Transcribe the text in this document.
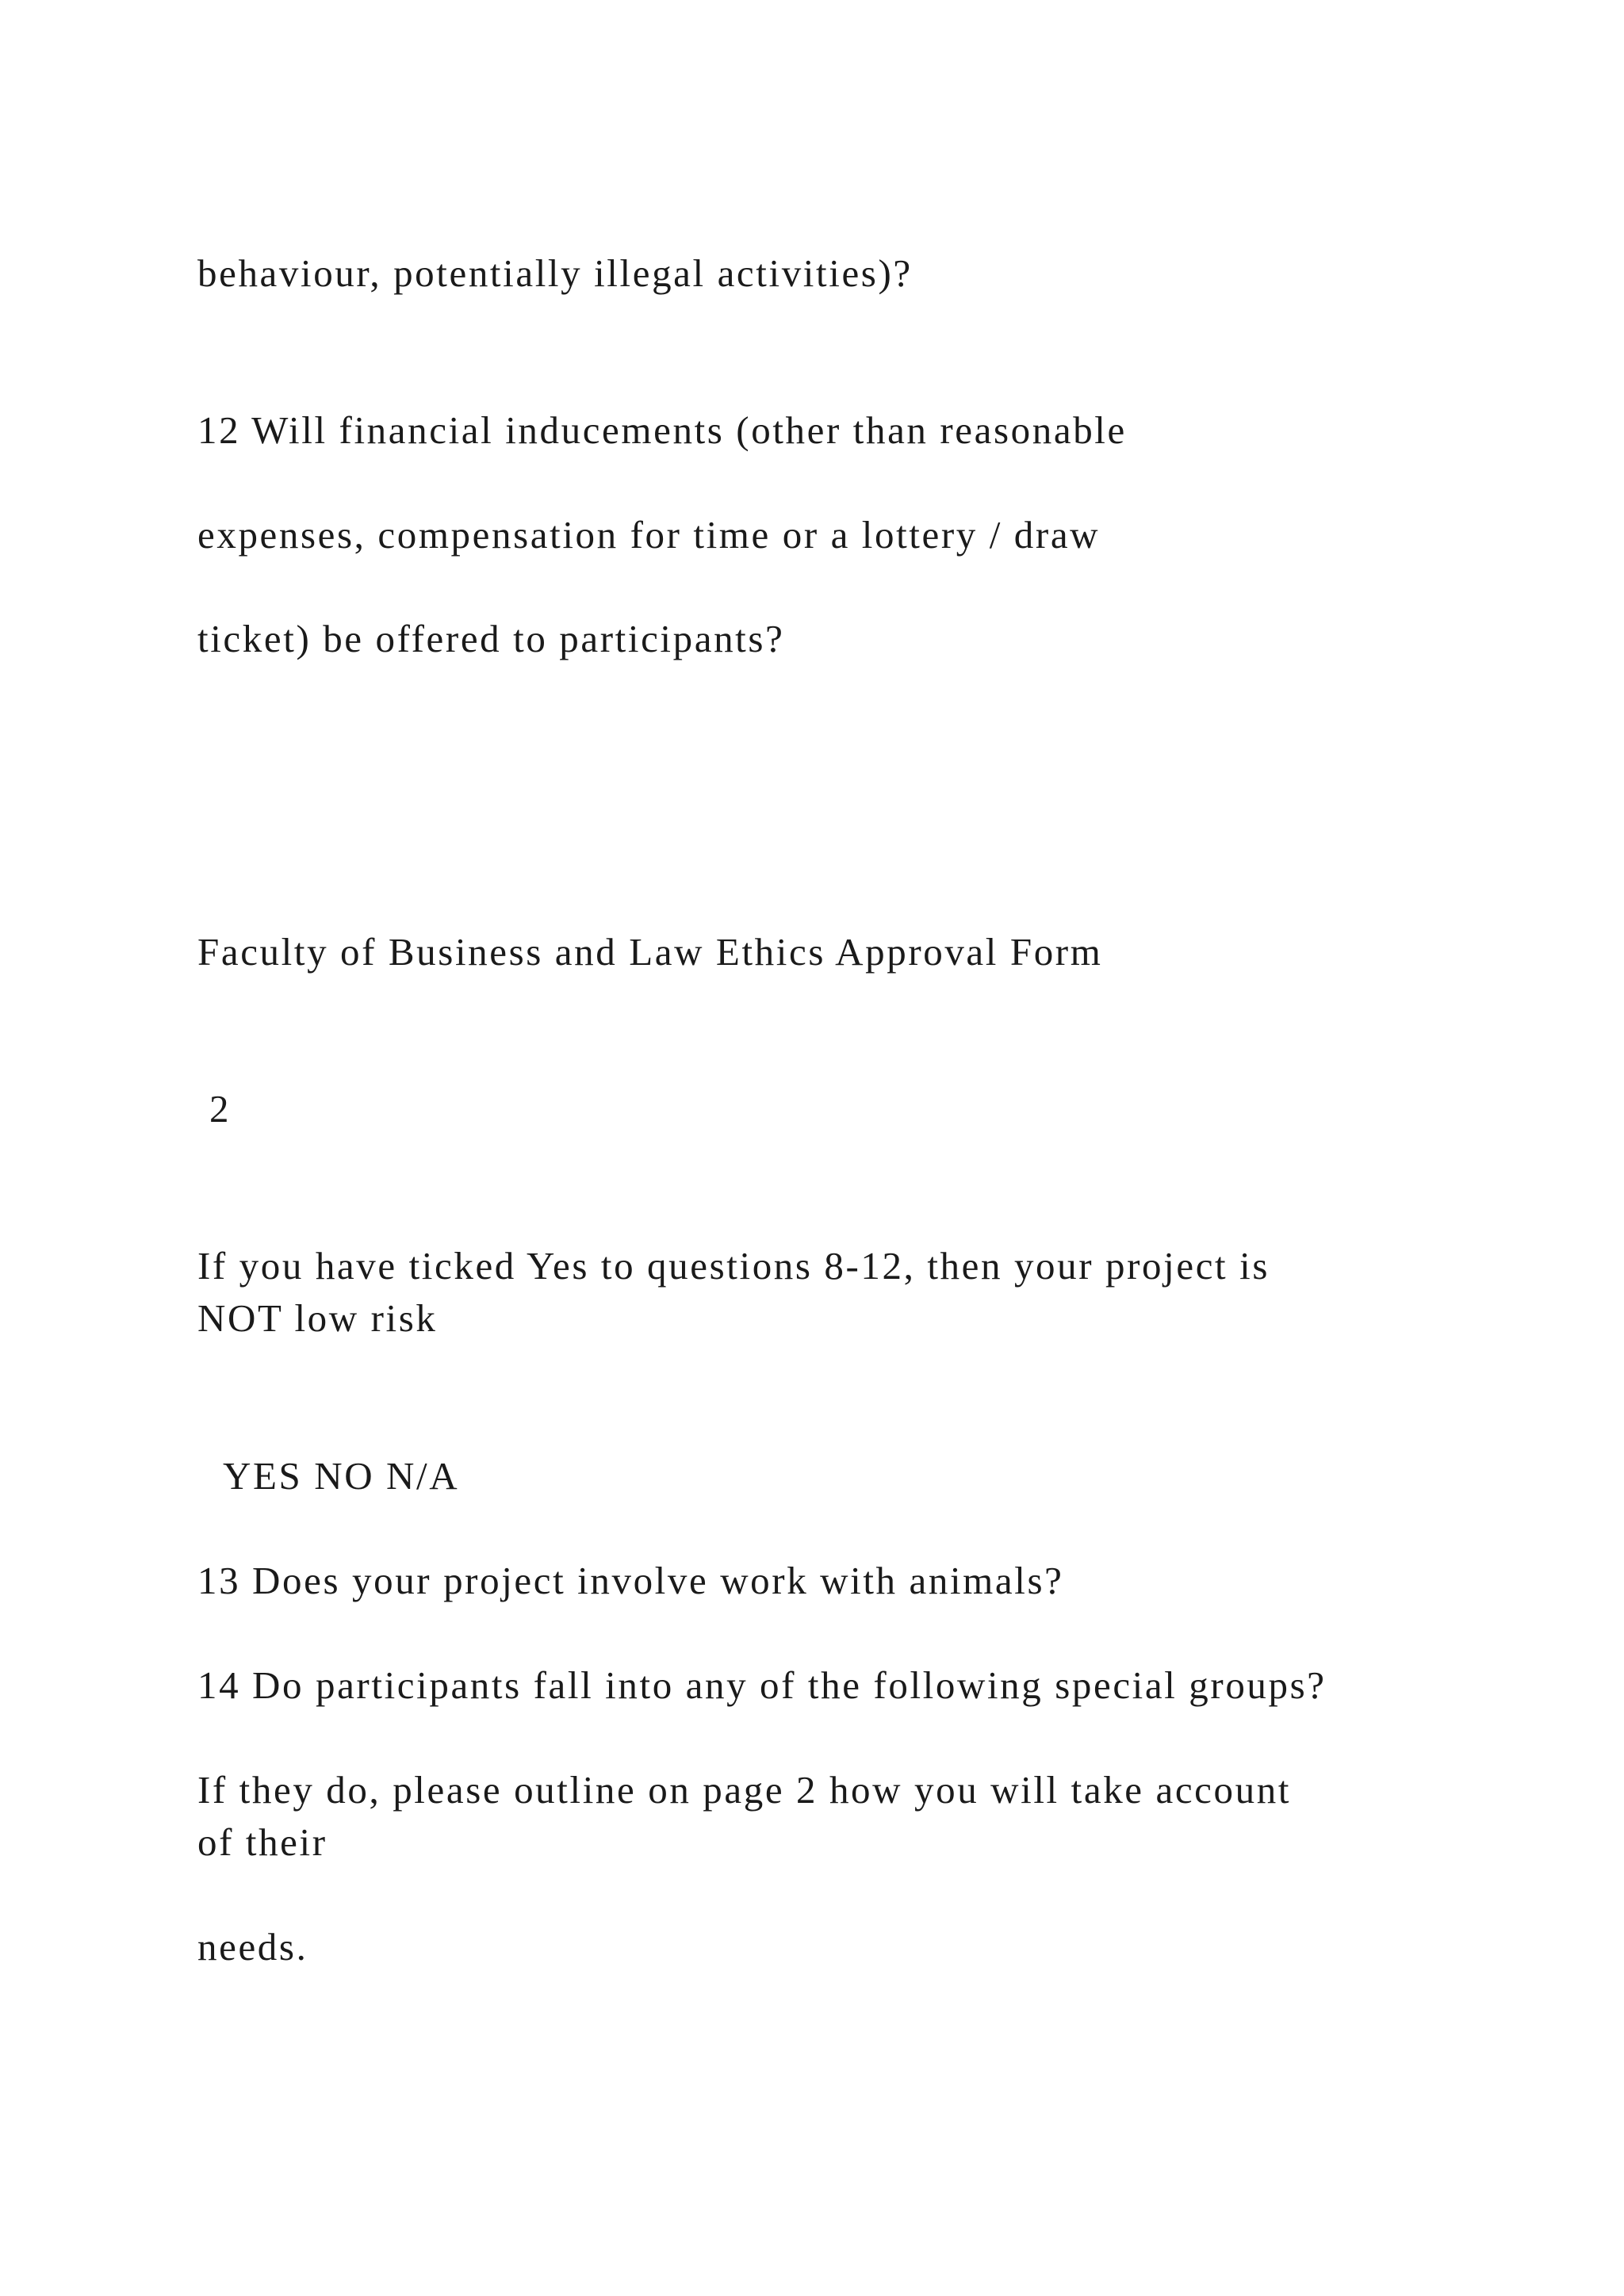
behaviour, potentially illegal activities)?
12 Will financial inducements (other than reasonable
expenses, compensation for time or a lottery / draw
ticket) be offered to participants?
Faculty of Business and Law Ethics Approval Form
2
If you have ticked Yes to questions 8-12, then your project is
NOT low risk
YES NO N/A
13 Does your project involve work with animals?
14 Do participants fall into any of the following special groups?
If they do, please outline on page 2 how you will take account
of their
needs.
